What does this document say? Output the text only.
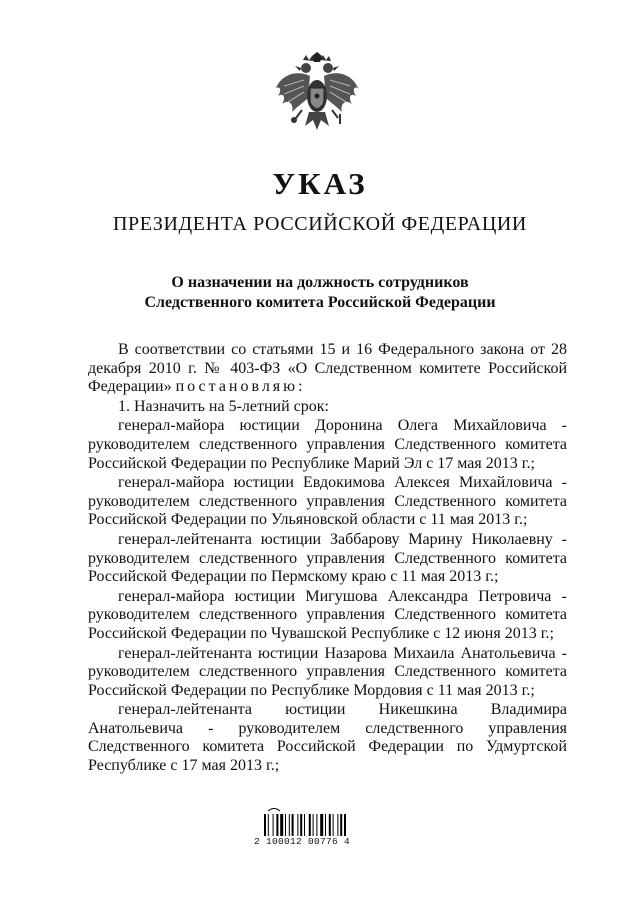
УКАЗ
ПРЕЗИДЕНТА РОССИЙСКОЙ ФЕДЕРАЦИИ
О назначении на должность сотрудников
Следственного комитета Российской Федерации

В соответствии со статьями 15 и 16 Федерального закона от 28 декабря 2010 г. № 403-ФЗ «О Следственном комитете Российской Федерации» постановляю:

1. Назначить на 5-летний срок:

генерал-майора юстиции Доронина Олега Михайловича - руководителем следственного управления Следственного комитета Российской Федерации по Республике Марий Эл с 17 мая 2013 г.;

генерал-майора юстиции Евдокимова Алексея Михайловича - руководителем следственного управления Следственного комитета Российской Федерации по Ульяновской области с 11 мая 2013 г.;

генерал-лейтенанта юстиции Заббарову Марину Николаевну - руководителем следственного управления Следственного комитета Российской Федерации по Пермскому краю с 11 мая 2013 г.;

генерал-майора юстиции Мигушова Александра Петровича - руководителем следственного управления Следственного комитета Российской Федерации по Чувашской Республике с 12 июня 2013 г.;

генерал-лейтенанта юстиции Назарова Михаила Анатольевича - руководителем следственного управления Следственного комитета Российской Федерации по Республике Мордовия с 11 мая 2013 г.;

генерал-лейтенанта юстиции Никешкина Владимира Анатольевича - руководителем следственного управления Следственного комитета Российской Федерации по Удмуртской Республике с 17 мая 2013 г.;

2 100012 00776 4
